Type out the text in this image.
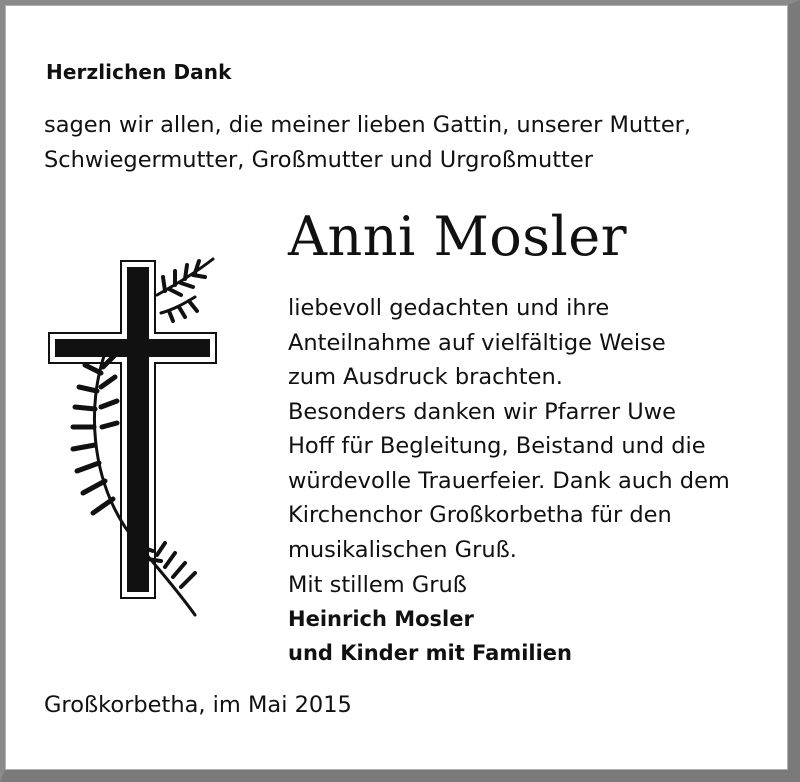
Herzlichen Dank

sagen wir allen, die meiner lieben Gattin, unserer Mutter,

Schwiegermutter, Großmutter und Urgroßmutter

Anni Mosler

liebevoll gedachten und ihre

Anteilnahme auf vielfältige Weise

zum Ausdruck brachten.

Besonders danken wir Pfarrer Uwe

Hoff für Begleitung, Beistand und die

würdevolle Trauerfeier. Dank auch dem

Kirchenchor Großkorbetha für den

musikalischen Gruß.

Mit stillem Gruß

Heinrich Mosler

und Kinder mit Familien

Großkorbetha, im Mai 2015
